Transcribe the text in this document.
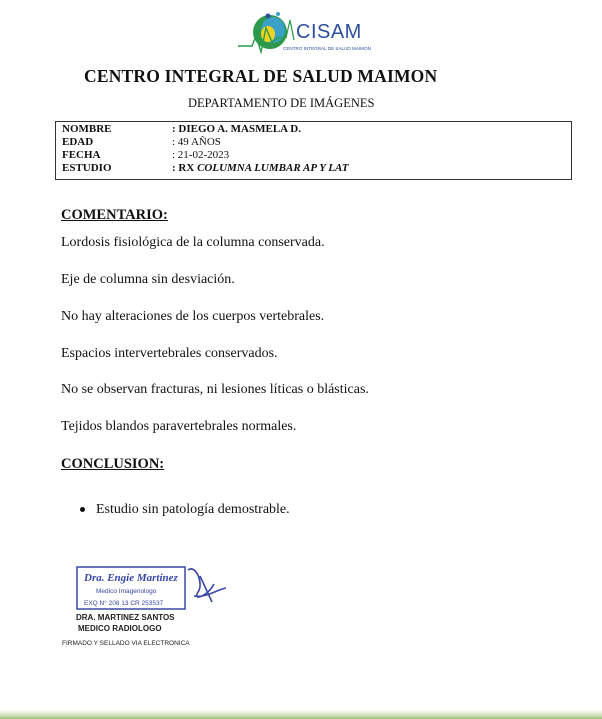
CISAM
CENTRO INTEGRAL DE SALUD MAIMON
CENTRO INTEGRAL DE SALUD MAIMON
DEPARTAMENTO DE IMÁGENES
NOMBRE	: DIEGO A. MASMELA D.
EDAD	: 49 AÑOS
FECHA	: 21-02-2023
ESTUDIO	: RX COLUMNA LUMBAR AP Y LAT
COMENTARIO:
Lordosis fisiológica de la columna conservada.
Eje de columna sin desviación.
No hay alteraciones de los cuerpos vertebrales.
Espacios intervertebrales conservados.
No se observan fracturas, ni lesiones líticas o blásticas.
Tejidos blandos paravertebrales normales.
CONCLUSION:
Estudio sin patología demostrable.
Dra. Engie Martinez
Medico Imagenologo
EXQ N° 208 13 CR 253537
DRA. MARTINEZ SANTOS
MEDICO RADIOLOGO
FIRMADO Y SELLADO VIA ELECTRONICA
